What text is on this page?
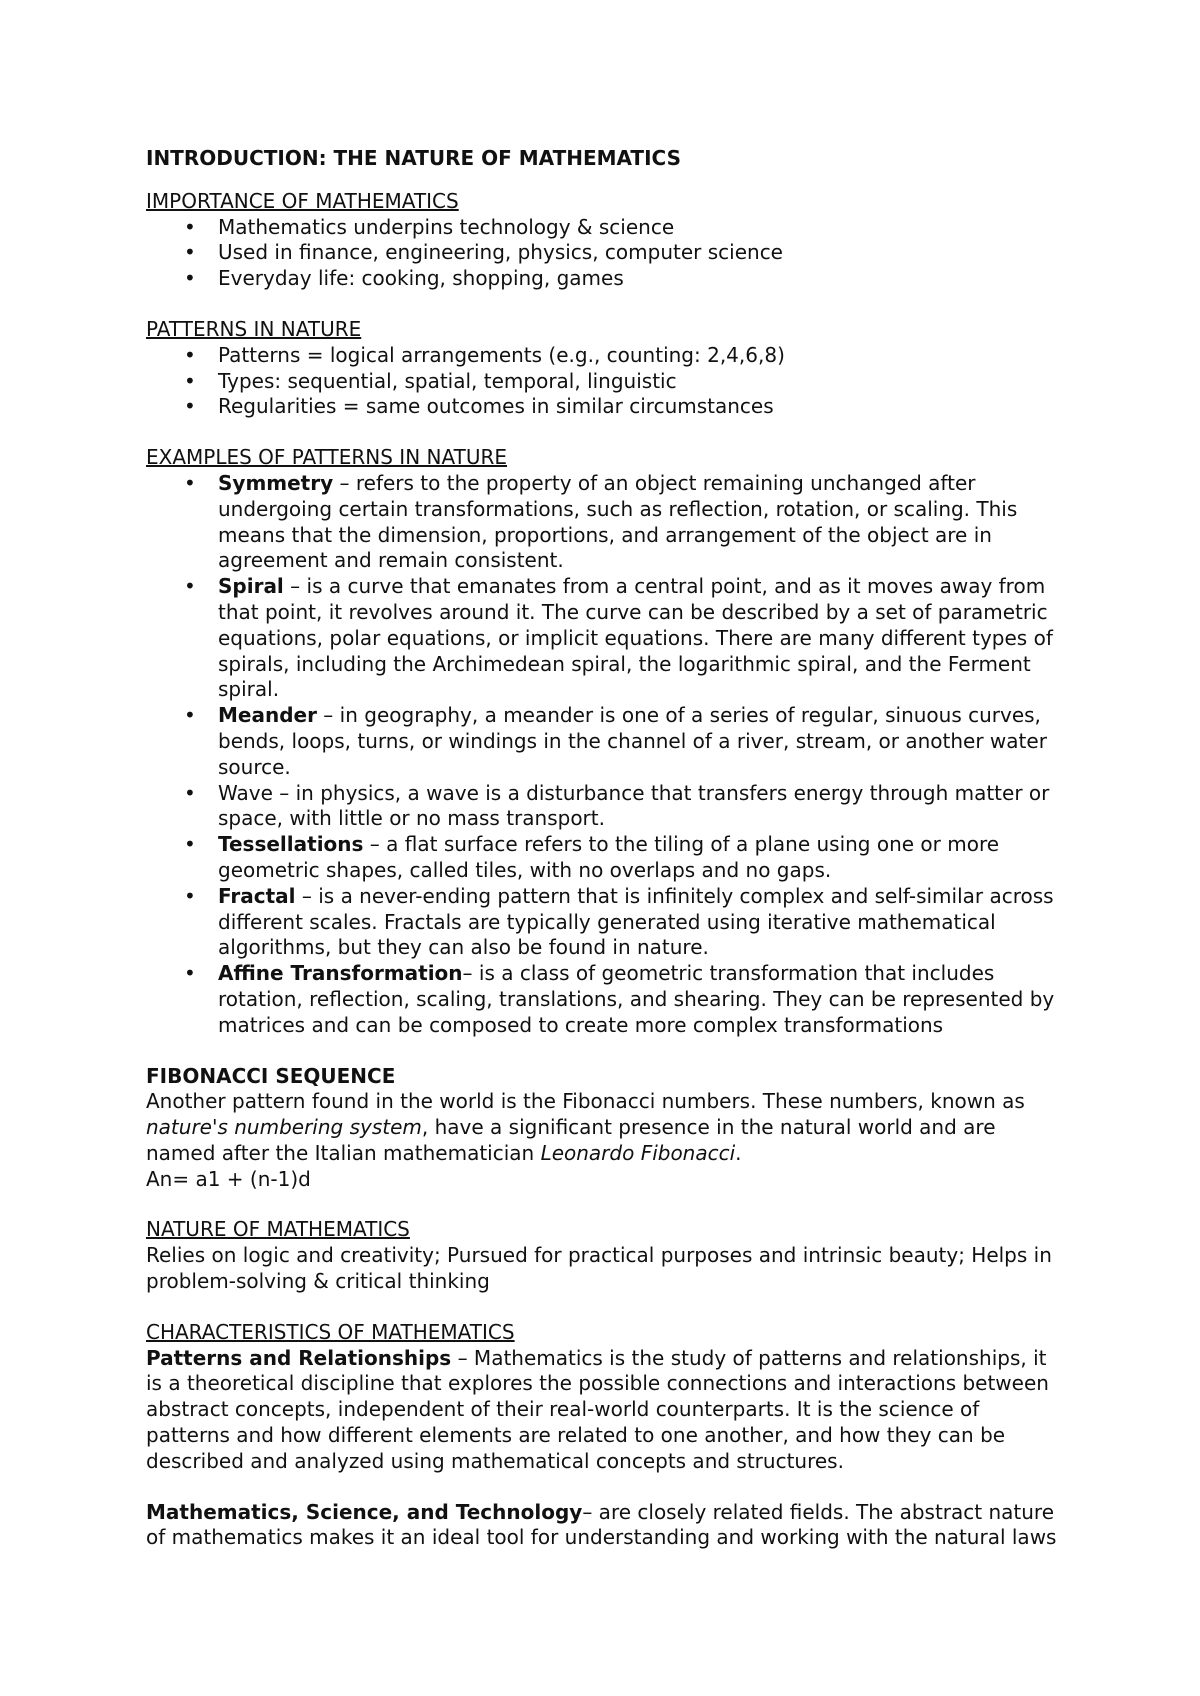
INTRODUCTION: THE NATURE OF MATHEMATICS
IMPORTANCE OF MATHEMATICS
• Mathematics underpins technology & science
• Used in finance, engineering, physics, computer science
• Everyday life: cooking, shopping, games
PATTERNS IN NATURE
• Patterns = logical arrangements (e.g., counting: 2,4,6,8)
• Types: sequential, spatial, temporal, linguistic
• Regularities = same outcomes in similar circumstances
EXAMPLES OF PATTERNS IN NATURE
• Symmetry – refers to the property of an object remaining unchanged after undergoing certain transformations, such as reflection, rotation, or scaling. This means that the dimension, proportions, and arrangement of the object are in agreement and remain consistent.
• Spiral – is a curve that emanates from a central point, and as it moves away from that point, it revolves around it. The curve can be described by a set of parametric equations, polar equations, or implicit equations. There are many different types of spirals, including the Archimedean spiral, the logarithmic spiral, and the Ferment spiral.
• Meander – in geography, a meander is one of a series of regular, sinuous curves, bends, loops, turns, or windings in the channel of a river, stream, or another water source.
• Wave – in physics, a wave is a disturbance that transfers energy through matter or space, with little or no mass transport.
• Tessellations – a flat surface refers to the tiling of a plane using one or more geometric shapes, called tiles, with no overlaps and no gaps.
• Fractal – is a never-ending pattern that is infinitely complex and self-similar across different scales. Fractals are typically generated using iterative mathematical algorithms, but they can also be found in nature.
• Affine Transformation– is a class of geometric transformation that includes rotation, reflection, scaling, translations, and shearing. They can be represented by matrices and can be composed to create more complex transformations
FIBONACCI SEQUENCE

Another pattern found in the world is the Fibonacci numbers. These numbers, known as nature's numbering system, have a significant presence in the natural world and are named after the Italian mathematician Leonardo Fibonacci.

An= a1 + (n-1)d
NATURE OF MATHEMATICS

Relies on logic and creativity; Pursued for practical purposes and intrinsic beauty; Helps in problem-solving & critical thinking

CHARACTERISTICS OF MATHEMATICS

Patterns and Relationships – Mathematics is the study of patterns and relationships, it is a theoretical discipline that explores the possible connections and interactions between abstract concepts, independent of their real-world counterparts. It is the science of patterns and how different elements are related to one another, and how they can be described and analyzed using mathematical concepts and structures.

Mathematics, Science, and Technology– are closely related fields. The abstract nature of mathematics makes it an ideal tool for understanding and working with the natural laws
